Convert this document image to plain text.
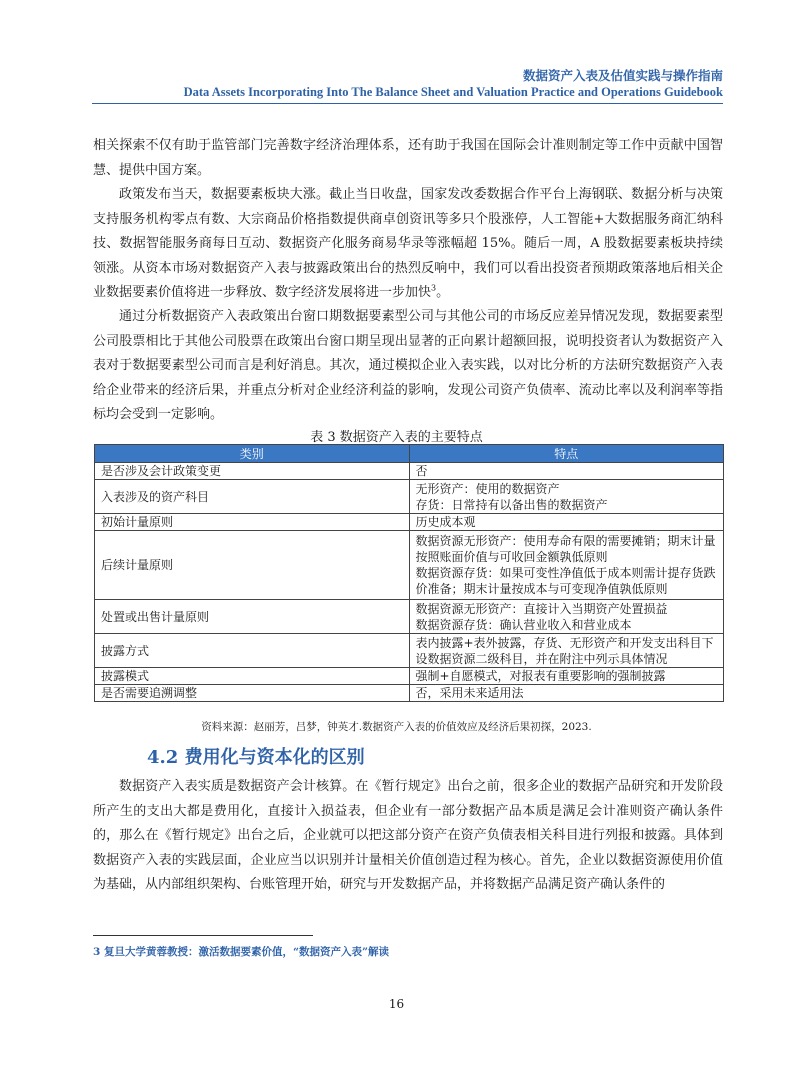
数据资产入表及估值实践与操作指南
Data Assets Incorporating Into The Balance Sheet and Valuation Practice and Operations Guidebook

相关探索不仅有助于监管部门完善数字经济治理体系，还有助于我国在国际会计准则制定等工作中贡献中国智慧、提供中国方案。

政策发布当天，数据要素板块大涨。截止当日收盘，国家发改委数据合作平台上海钢联、数据分析与决策支持服务机构零点有数、大宗商品价格指数提供商卓创资讯等多只个股涨停，人工智能+大数据服务商汇纳科技、数据智能服务商每日互动、数据资产化服务商易华录等涨幅超 15%。随后一周，A 股数据要素板块持续领涨。从资本市场对数据资产入表与披露政策出台的热烈反响中，我们可以看出投资者预期政策落地后相关企业数据要素价值将进一步释放、数字经济发展将进一步加快$^3$。

通过分析数据资产入表政策出台窗口期数据要素型公司与其他公司的市场反应差异情况发现，数据要素型公司股票相比于其他公司股票在政策出台窗口期呈现出显著的正向累计超额回报，说明投资者认为数据资产入表对于数据要素型公司而言是利好消息。其次，通过模拟企业入表实践，以对比分析的方法研究数据资产入表给企业带来的经济后果，并重点分析对企业经济利益的影响，发现公司资产负债率、流动比率以及利润率等指标均会受到一定影响。

表 3 数据资产入表的主要特点
类别	特点
是否涉及会计政策变更	否
入表涉及的资产科目	无形资产：使用的数据资产
存货：日常持有以备出售的数据资产
初始计量原则	历史成本观
后续计量原则	数据资源无形资产：使用寿命有限的需要摊销；期末计量按照账面价值与可收回金额孰低原则
数据资源存货：如果可变性净值低于成本则需计提存货跌价准备；期末计量按成本与可变现净值孰低原则
处置或出售计量原则	数据资源无形资产：直接计入当期资产处置损益
数据资源存货：确认营业收入和营业成本
披露方式	表内披露+表外披露，存货、无形资产和开发支出科目下设数据资源二级科目，并在附注中列示具体情况
披露模式	强制+自愿模式，对报表有重要影响的强制披露
是否需要追溯调整	否，采用未来适用法
资料来源：赵丽芳，吕梦，钟英才.数据资产入表的价值效应及经济后果初探，2023.
4.2 费用化与资本化的区别

数据资产入表实质是数据资产会计核算。在《暂行规定》出台之前，很多企业的数据产品研究和开发阶段所产生的支出大都是费用化，直接计入损益表，但企业有一部分数据产品本质是满足会计准则资产确认条件的，那么在《暂行规定》出台之后，企业就可以把这部分资产在资产负债表相关科目进行列报和披露。具体到数据资产入表的实践层面，企业应当以识别并计量相关价值创造过程为核心。首先，企业以数据资源使用价值为基础，从内部组织架构、台账管理开始，研究与开发数据产品，并将数据产品满足资产确认条件的

3 复旦大学黄蓉教授：激活数据要素价值，“数据资产入表”解读
16
